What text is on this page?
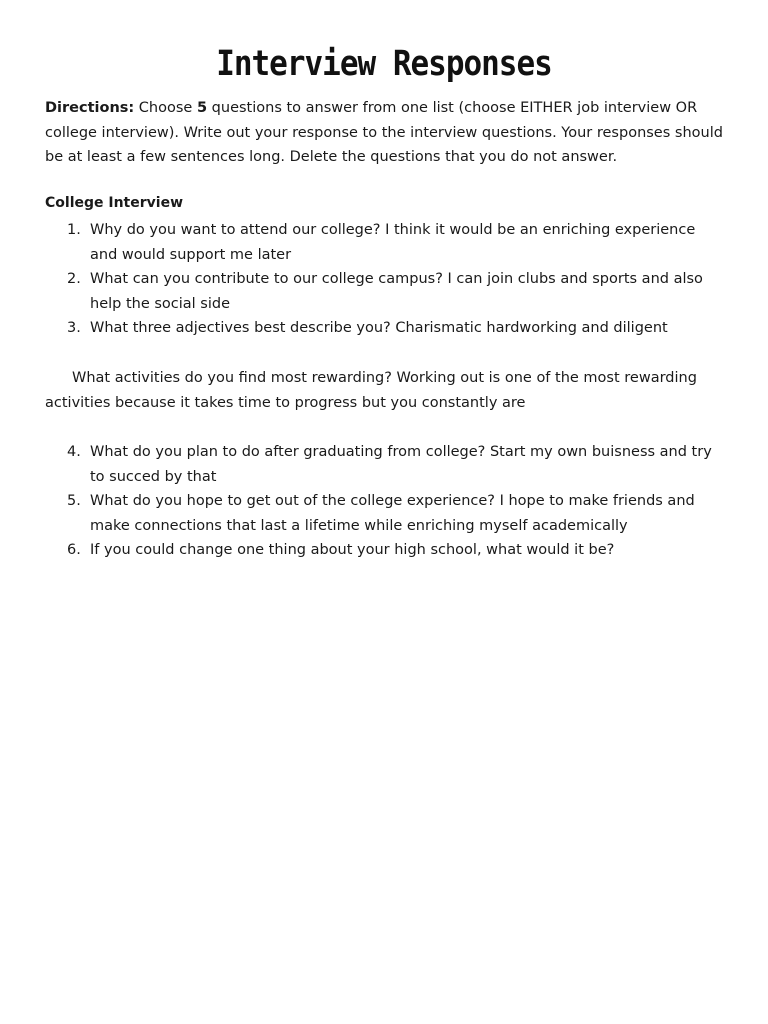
Interview Responses
Directions: Choose 5 questions to answer from one list (choose EITHER job interview OR college interview). Write out your response to the interview questions. Your responses should be at least a few sentences long. Delete the questions that you do not answer.
College Interview
1. Why do you want to attend our college? I think it would be an enriching experience and would support me later
2. What can you contribute to our college campus? I can join clubs and sports and also help the social side
3. What three adjectives best describe you? Charismatic hardworking and diligent
What activities do you find most rewarding? Working out is one of the most rewarding activities because it takes time to progress but you constantly are
4. What do you plan to do after graduating from college? Start my own buisness and try to succed by that
5. What do you hope to get out of the college experience? I hope to make friends and make connections that last a lifetime while enriching myself academically
6. If you could change one thing about your high school, what would it be?
